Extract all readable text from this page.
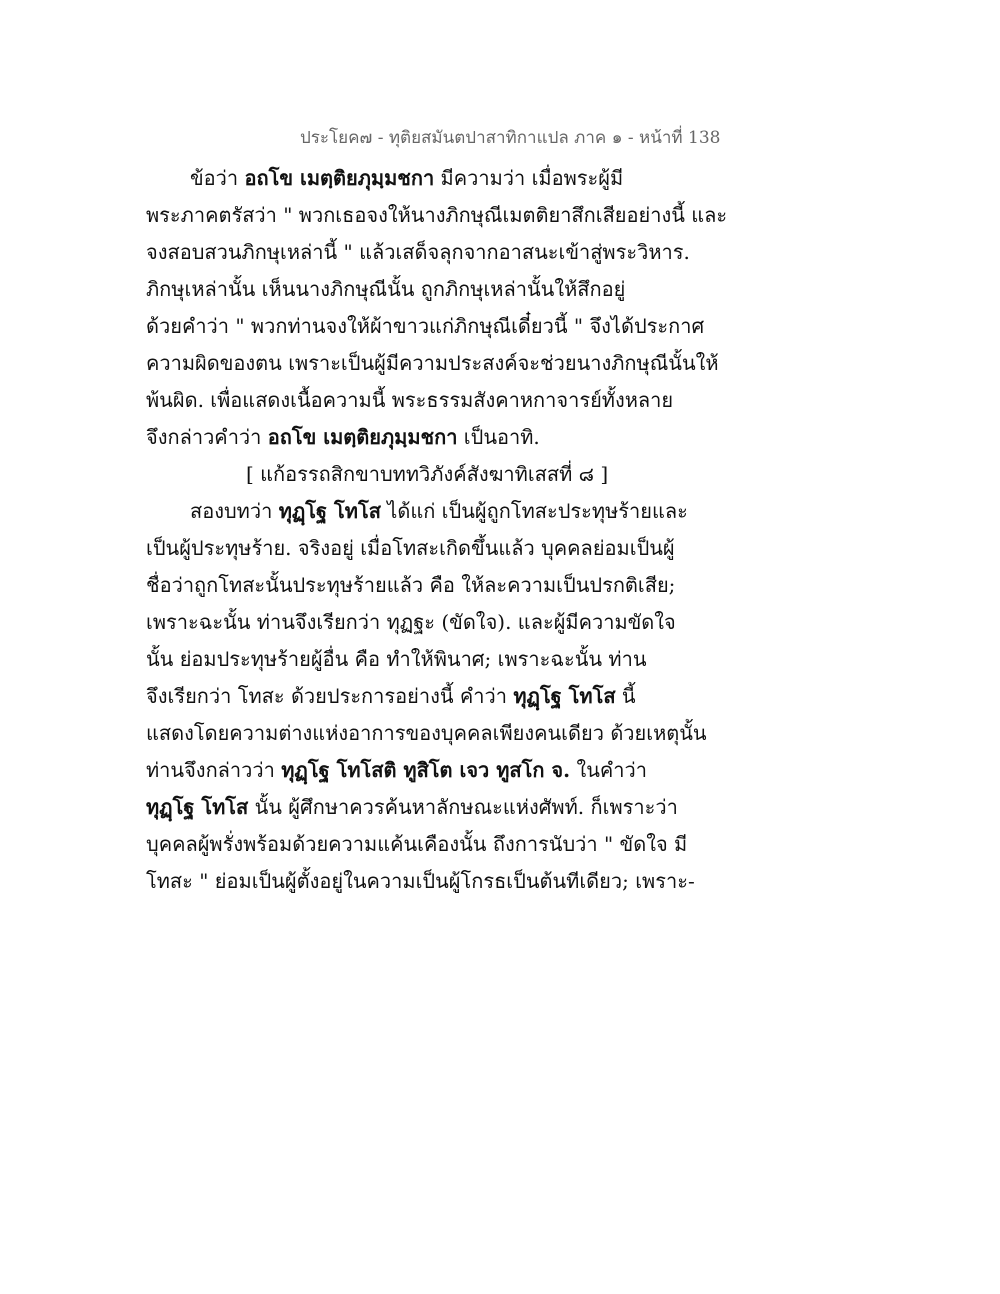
ประโยค๗ - ทุติยสมันตปาสาทิกาแปล ภาค ๑ - หน้าที่ 138
ข้อว่า อถโข เมตฺติยภุมฺมชกา มีความว่า เมื่อพระผู้มี
พระภาคตรัสว่า " พวกเธอจงให้นางภิกษุณีเมตติยาสึกเสียอย่างนี้ และ
จงสอบสวนภิกษุเหล่านี้ " แล้วเสด็จลุกจากอาสนะเข้าสู่พระวิหาร.
ภิกษุเหล่านั้น เห็นนางภิกษุณีนั้น ถูกภิกษุเหล่านั้นให้สึกอยู่
ด้วยคำว่า " พวกท่านจงให้ผ้าขาวแก่ภิกษุณีเดี๋ยวนี้ " จึงได้ประกาศ
ความผิดของตน เพราะเป็นผู้มีความประสงค์จะช่วยนางภิกษุณีนั้นให้
พ้นผิด. เพื่อแสดงเนื้อความนี้ พระธรรมสังคาหกาจารย์ทั้งหลาย
จึงกล่าวคำว่า อถโข เมตฺติยภุมฺมชกา เป็นอาทิ.
[ แก้อรรถสิกขาบททวิภังค์สังฆาทิเสสที่ ๘ ]
สองบทว่า ทุฏฺโฐ โทโส ได้แก่ เป็นผู้ถูกโทสะประทุษร้ายและ
เป็นผู้ประทุษร้าย. จริงอยู่ เมื่อโทสะเกิดขึ้นแล้ว บุคคลย่อมเป็นผู้
ชื่อว่าถูกโทสะนั้นประทุษร้ายแล้ว คือ ให้ละความเป็นปรกติเสีย;
เพราะฉะนั้น ท่านจึงเรียกว่า ทุฏฐะ (ขัดใจ). และผู้มีความขัดใจ
นั้น ย่อมประทุษร้ายผู้อื่น คือ ทำให้พินาศ; เพราะฉะนั้น ท่าน
จึงเรียกว่า โทสะ ด้วยประการอย่างนี้ คำว่า ทุฏฺโฐ โทโส นี้
แสดงโดยความต่างแห่งอาการของบุคคลเพียงคนเดียว ด้วยเหตุนั้น
ท่านจึงกล่าวว่า ทุฏฺโฐ โทโสติ ทูสิโต เจว ทูสโก จ. ในคำว่า
ทุฏฺโฐ โทโส นั้น ผู้ศึกษาควรค้นหาลักษณะแห่งศัพท์. ก็เพราะว่า
บุคคลผู้พรั่งพร้อมด้วยความแค้นเคืองนั้น ถึงการนับว่า " ขัดใจ มี
โทสะ " ย่อมเป็นผู้ตั้งอยู่ในความเป็นผู้โกรธเป็นต้นทีเดียว; เพราะ-
